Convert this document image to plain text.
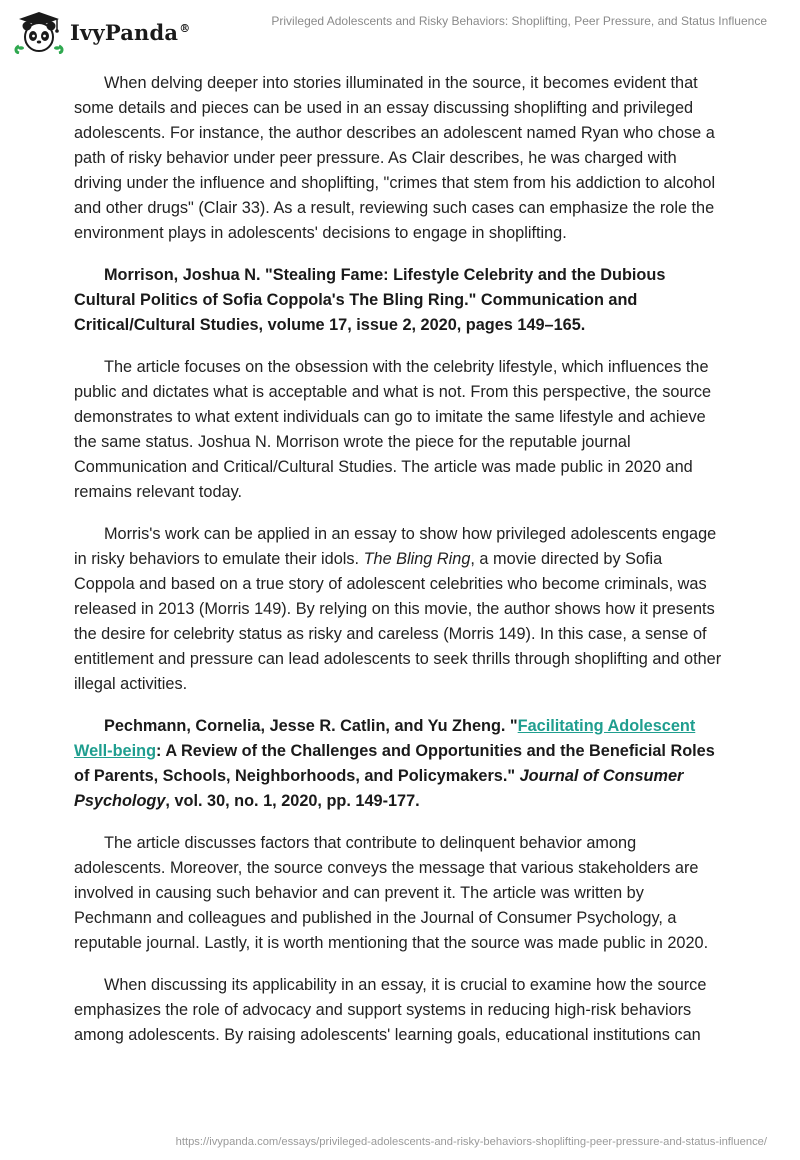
IvyPanda®	Privileged Adolescents and Risky Behaviors: Shoplifting, Peer Pressure, and Status Influence

When delving deeper into stories illuminated in the source, it becomes evident that some details and pieces can be used in an essay discussing shoplifting and privileged adolescents. For instance, the author describes an adolescent named Ryan who chose a path of risky behavior under peer pressure. As Clair describes, he was charged with driving under the influence and shoplifting, "crimes that stem from his addiction to alcohol and other drugs" (Clair 33). As a result, reviewing such cases can emphasize the role the environment plays in adolescents' decisions to engage in shoplifting.

Morrison, Joshua N. "Stealing Fame: Lifestyle Celebrity and the Dubious Cultural Politics of Sofia Coppola's The Bling Ring." Communication and Critical/Cultural Studies, volume 17, issue 2, 2020, pages 149–165.

The article focuses on the obsession with the celebrity lifestyle, which influences the public and dictates what is acceptable and what is not. From this perspective, the source demonstrates to what extent individuals can go to imitate the same lifestyle and achieve the same status. Joshua N. Morrison wrote the piece for the reputable journal Communication and Critical/Cultural Studies. The article was made public in 2020 and remains relevant today.

Morris's work can be applied in an essay to show how privileged adolescents engage in risky behaviors to emulate their idols. The Bling Ring, a movie directed by Sofia Coppola and based on a true story of adolescent celebrities who become criminals, was released in 2013 (Morris 149). By relying on this movie, the author shows how it presents the desire for celebrity status as risky and careless (Morris 149). In this case, a sense of entitlement and pressure can lead adolescents to seek thrills through shoplifting and other illegal activities.

Pechmann, Cornelia, Jesse R. Catlin, and Yu Zheng. "Facilitating Adolescent Well-being: A Review of the Challenges and Opportunities and the Beneficial Roles of Parents, Schools, Neighborhoods, and Policymakers." Journal of Consumer Psychology, vol. 30, no. 1, 2020, pp. 149-177.

The article discusses factors that contribute to delinquent behavior among adolescents. Moreover, the source conveys the message that various stakeholders are involved in causing such behavior and can prevent it. The article was written by Pechmann and colleagues and published in the Journal of Consumer Psychology, a reputable journal. Lastly, it is worth mentioning that the source was made public in 2020.

When discussing its applicability in an essay, it is crucial to examine how the source emphasizes the role of advocacy and support systems in reducing high-risk behaviors among adolescents. By raising adolescents' learning goals, educational institutions can

https://ivypanda.com/essays/privileged-adolescents-and-risky-behaviors-shoplifting-peer-pressure-and-status-influence/
